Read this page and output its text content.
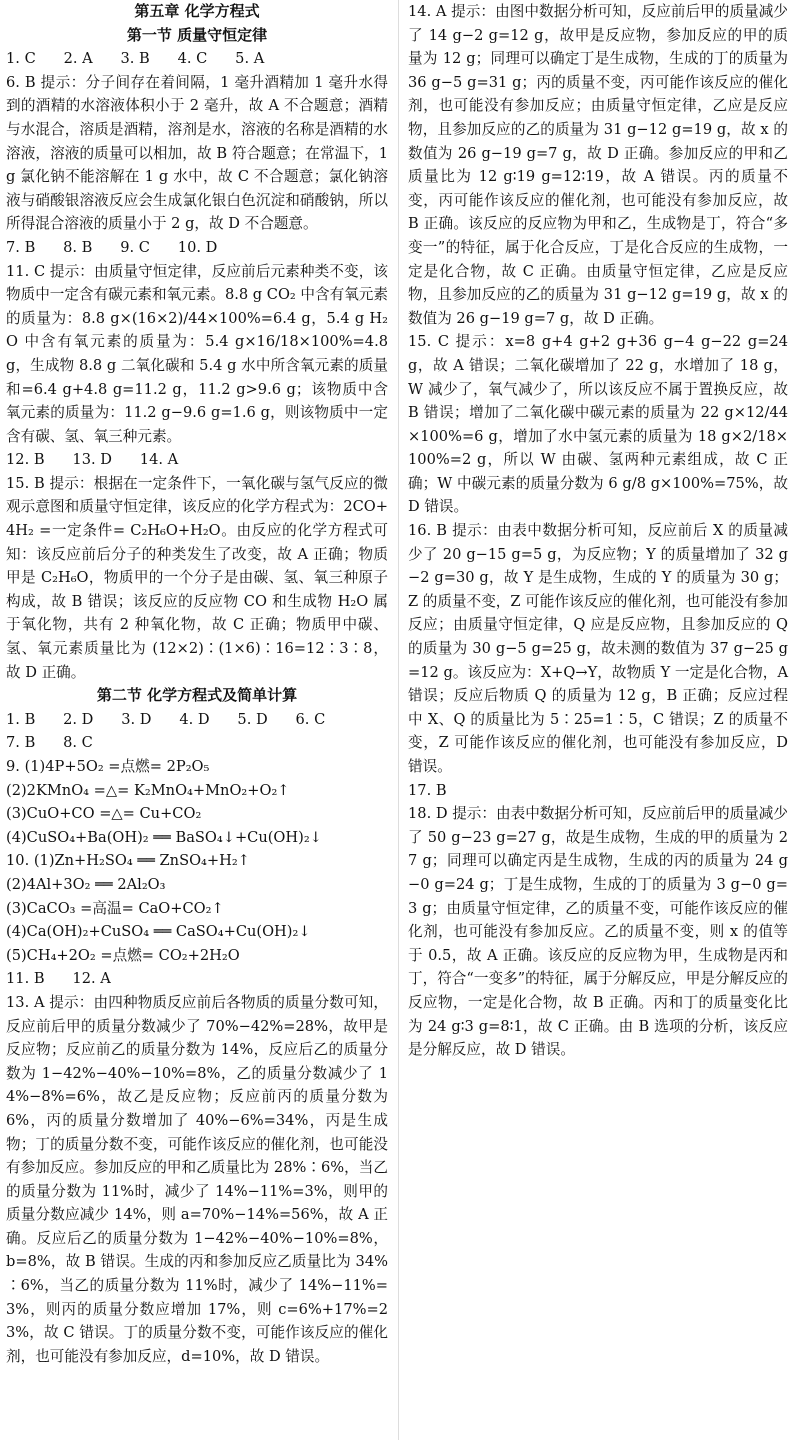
第五章 化学方程式
第一节 质量守恒定律
1. C      2. A      3. B      4. C      5. A
6. B 提示：分子间存在着间隔，1 毫升酒精加 1 毫升水得到的酒精的水溶液体积小于 2 毫升，故 A 不合题意；酒精与水混合，溶质是酒精，溶剂是水，溶液的名称是酒精的水溶液，溶液的质量可以相加，故 B 符合题意；在常温下，1 g 氯化钠不能溶解在 1 g 水中，故 C 不合题意；氯化钠溶液与硝酸银溶液反应会生成氯化银白色沉淀和硝酸钠，所以所得混合溶液的质量小于 2 g，故 D 不合题意。
7. B      8. B      9. C      10. D
11. C 提示：由质量守恒定律，反应前后元素种类不变，该物质中一定含有碳元素和氧元素。8.8 g CO₂ 中含有氧元素的质量为：8.8 g×(16×2)/44×100%=6.4 g，5.4 g H₂O 中含有氧元素的质量为：5.4 g×16/18×100%=4.8 g，生成物 8.8 g 二氧化碳和 5.4 g 水中所含氧元素的质量和=6.4 g+4.8 g=11.2 g，11.2 g>9.6 g；该物质中含氧元素的质量为：11.2 g−9.6 g=1.6 g，则该物质中一定含有碳、氢、氧三种元素。
12. B      13. D      14. A
15. B 提示：根据在一定条件下，一氧化碳与氢气反应的微观示意图和质量守恒定律，该反应的化学方程式为：2CO+4H₂ =一定条件= C₂H₆O+H₂O。由反应的化学方程式可知：该反应前后分子的种类发生了改变，故 A 正确；物质甲是 C₂H₆O，物质甲的一个分子是由碳、氢、氧三种原子构成，故 B 错误；该反应的反应物 CO 和生成物 H₂O 属于氧化物，共有 2 种氧化物，故 C 正确；物质甲中碳、氢、氧元素质量比为 (12×2)∶(1×6)∶16=12∶3∶8，故 D 正确。
第二节 化学方程式及简单计算
1. B      2. D      3. D      4. D      5. D      6. C
7. B      8. C
9. (1)4P+5O₂ =点燃= 2P₂O₅
(2)2KMnO₄ =△= K₂MnO₄+MnO₂+O₂↑
(3)CuO+CO =△= Cu+CO₂
(4)CuSO₄+Ba(OH)₂ ══ BaSO₄↓+Cu(OH)₂↓
10. (1)Zn+H₂SO₄ ══ ZnSO₄+H₂↑
(2)4Al+3O₂ ══ 2Al₂O₃
(3)CaCO₃ =高温= CaO+CO₂↑
(4)Ca(OH)₂+CuSO₄ ══ CaSO₄+Cu(OH)₂↓
(5)CH₄+2O₂ =点燃= CO₂+2H₂O
11. B      12. A
13. A 提示：由四种物质反应前后各物质的质量分数可知，反应前后甲的质量分数减少了 70%−42%=28%，故甲是反应物；反应前乙的质量分数为 14%，反应后乙的质量分数为 1−42%−40%−10%=8%，乙的质量分数减少了 14%−8%=6%，故乙是反应物；反应前丙的质量分数为 6%，丙的质量分数增加了 40%−6%=34%，丙是生成物；丁的质量分数不变，可能作该反应的催化剂，也可能没有参加反应。参加反应的甲和乙质量比为 28%∶6%，当乙的质量分数为 11%时，减少了 14%−11%=3%，则甲的质量分数应减少 14%，则 a=70%−14%=56%，故 A 正确。反应后乙的质量分数为 1−42%−40%−10%=8%，b=8%，故 B 错误。生成的丙和参加反应乙质量比为 34%∶6%，当乙的质量分数为 11%时，减少了 14%−11%=3%，则丙的质量分数应增加 17%，则 c=6%+17%=23%，故 C 错误。丁的质量分数不变，可能作该反应的催化剂，也可能没有参加反应，d=10%，故 D 错误。
14. A 提示：由图中数据分析可知，反应前后甲的质量减少了 14 g−2 g=12 g，故甲是反应物，参加反应的甲的质量为 12 g；同理可以确定丁是生成物，生成的丁的质量为 36 g−5 g=31 g；丙的质量不变，丙可能作该反应的催化剂，也可能没有参加反应；由质量守恒定律，乙应是反应物，且参加反应的乙的质量为 31 g−12 g=19 g，故 x 的数值为 26 g−19 g=7 g，故 D 正确。参加反应的甲和乙质量比为 12 g∶19 g=12∶19，故 A 错误。丙的质量不变，丙可能作该反应的催化剂，也可能没有参加反应，故 B 正确。该反应的反应物为甲和乙，生成物是丁，符合“多变一”的特征，属于化合反应，丁是化合反应的生成物，一定是化合物，故 C 正确。由质量守恒定律，乙应是反应物，且参加反应的乙的质量为 31 g−12 g=19 g，故 x 的数值为 26 g−19 g=7 g，故 D 正确。
15. C 提示：x=8 g+4 g+2 g+36 g−4 g−22 g=24 g，故 A 错误；二氧化碳增加了 22 g，水增加了 18 g，W 减少了，氧气减少了，所以该反应不属于置换反应，故 B 错误；增加了二氧化碳中碳元素的质量为 22 g×12/44×100%=6 g，增加了水中氢元素的质量为 18 g×2/18×100%=2 g，所以 W 由碳、氢两种元素组成，故 C 正确；W 中碳元素的质量分数为 6 g/8 g×100%=75%，故 D 错误。
16. B 提示：由表中数据分析可知，反应前后 X 的质量减少了 20 g−15 g=5 g，为反应物；Y 的质量增加了 32 g−2 g=30 g，故 Y 是生成物，生成的 Y 的质量为 30 g；Z 的质量不变，Z 可能作该反应的催化剂，也可能没有参加反应；由质量守恒定律，Q 应是反应物，且参加反应的 Q 的质量为 30 g−5 g=25 g，故未测的数值为 37 g−25 g=12 g。该反应为：X+Q→Y，故物质 Y 一定是化合物，A 错误；反应后物质 Q 的质量为 12 g，B 正确；反应过程中 X、Q 的质量比为 5∶25=1∶5，C 错误；Z 的质量不变，Z 可能作该反应的催化剂，也可能没有参加反应，D 错误。
17. B
18. D 提示：由表中数据分析可知，反应前后甲的质量减少了 50 g−23 g=27 g，故是生成物，生成的甲的质量为 27 g；同理可以确定丙是生成物，生成的丙的质量为 24 g−0 g=24 g；丁是生成物，生成的丁的质量为 3 g−0 g=3 g；由质量守恒定律，乙的质量不变，可能作该反应的催化剂，也可能没有参加反应。乙的质量不变，则 x 的值等于 0.5，故 A 正确。该反应的反应物为甲，生成物是丙和丁，符合“一变多”的特征，属于分解反应，甲是分解反应的反应物，一定是化合物，故 B 正确。丙和丁的质量变化比为 24 g∶3 g=8∶1，故 C 正确。由 B 选项的分析，该反应是分解反应，故 D 错误。
